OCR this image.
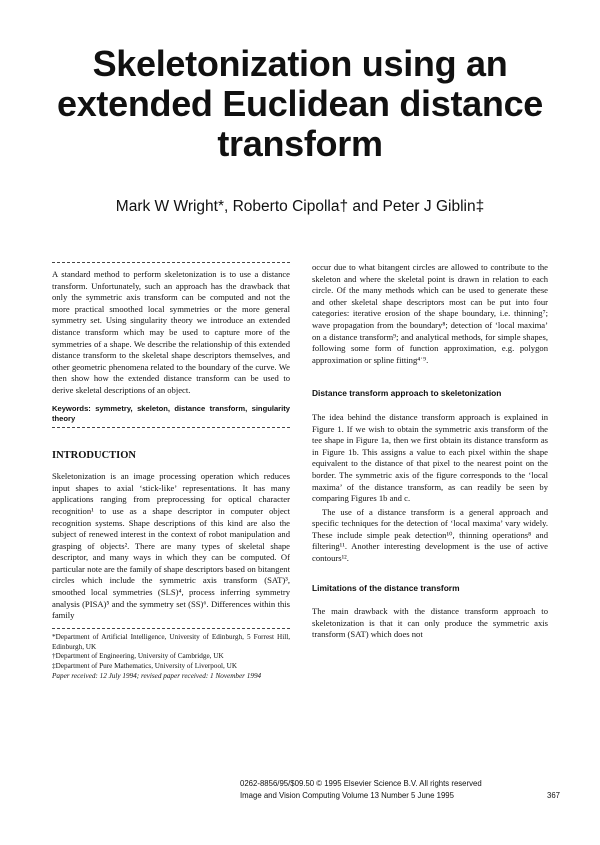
Skeletonization using an
extended Euclidean distance
transform

Mark W Wright*, Roberto Cipolla† and Peter J Giblin‡

A standard method to perform skeletonization is to use a distance transform. Unfortunately, such an approach has the drawback that only the symmetric axis transform can be computed and not the more practical smoothed local symmetries or the more general symmetry set. Using singularity theory we introduce an extended distance transform which may be used to capture more of the symmetries of a shape. We describe the relationship of this extended distance transform to the skeletal shape descriptors themselves, and other geometric phenomena related to the boundary of the curve. We then show how the extended distance transform can be used to derive skeletal descriptions of an object.

Keywords: symmetry, skeleton, distance transform, singularity theory

INTRODUCTION

Skeletonization is an image processing operation which reduces input shapes to axial ‘stick-like’ representations. It has many applications ranging from preprocessing for optical character recognition¹ to use as a shape descriptor in computer object recognition systems. Shape descriptions of this kind are also the subject of renewed interest in the context of robot manipulation and grasping of objects². There are many types of skeletal shape descriptor, and many ways in which they can be computed. Of particular note are the family of shape descriptors based on bitangent circles which include the symmetric axis transform (SAT)³, smoothed local symmetries (SLS)⁴, process inferring symmetry analysis (PISA)⁵ and the symmetry set (SS)⁶. Differences within this family

*Department of Artificial Intelligence, University of Edinburgh, 5 Forrest Hill, Edinburgh, UK

†Department of Engineering, University of Cambridge, UK

‡Department of Pure Mathematics, University of Liverpool, UK

Paper received: 12 July 1994; revised paper received: 1 November 1994

occur due to what bitangent circles are allowed to contribute to the skeleton and where the skeletal point is drawn in relation to each circle. Of the many methods which can be used to generate these and other skeletal shape descriptors most can be put into four categories: iterative erosion of the shape boundary, i.e. thinning⁷; wave propagation from the boundary⁸; detection of ‘local maxima’ on a distance transform⁹; and analytical methods, for simple shapes, following some form of function approximation, e.g. polygon approximation or spline fitting⁴˙⁹.

Distance transform approach to skeletonization

The idea behind the distance transform approach is explained in Figure 1. If we wish to obtain the symmetric axis transform of the tee shape in Figure 1a, then we first obtain its distance transform as in Figure 1b. This assigns a value to each pixel within the shape equivalent to the distance of that pixel to the nearest point on the border. The symmetric axis of the figure corresponds to the ‘local maxima’ of the distance transform, as can readily be seen by comparing Figures 1b and c.

The use of a distance transform is a general approach and specific techniques for the detection of ‘local maxima’ vary widely. These include simple peak detection¹⁰, thinning operations⁸ and filtering¹¹. Another interesting development is the use of active contours¹².

Limitations of the distance transform

The main drawback with the distance transform approach to skeletonization is that it can only produce the symmetric axis transform (SAT) which does not

0262-8856/95/$09.50 © 1995 Elsevier Science B.V. All rights reserved
Image and Vision Computing Volume 13 Number 5 June 1995	367
